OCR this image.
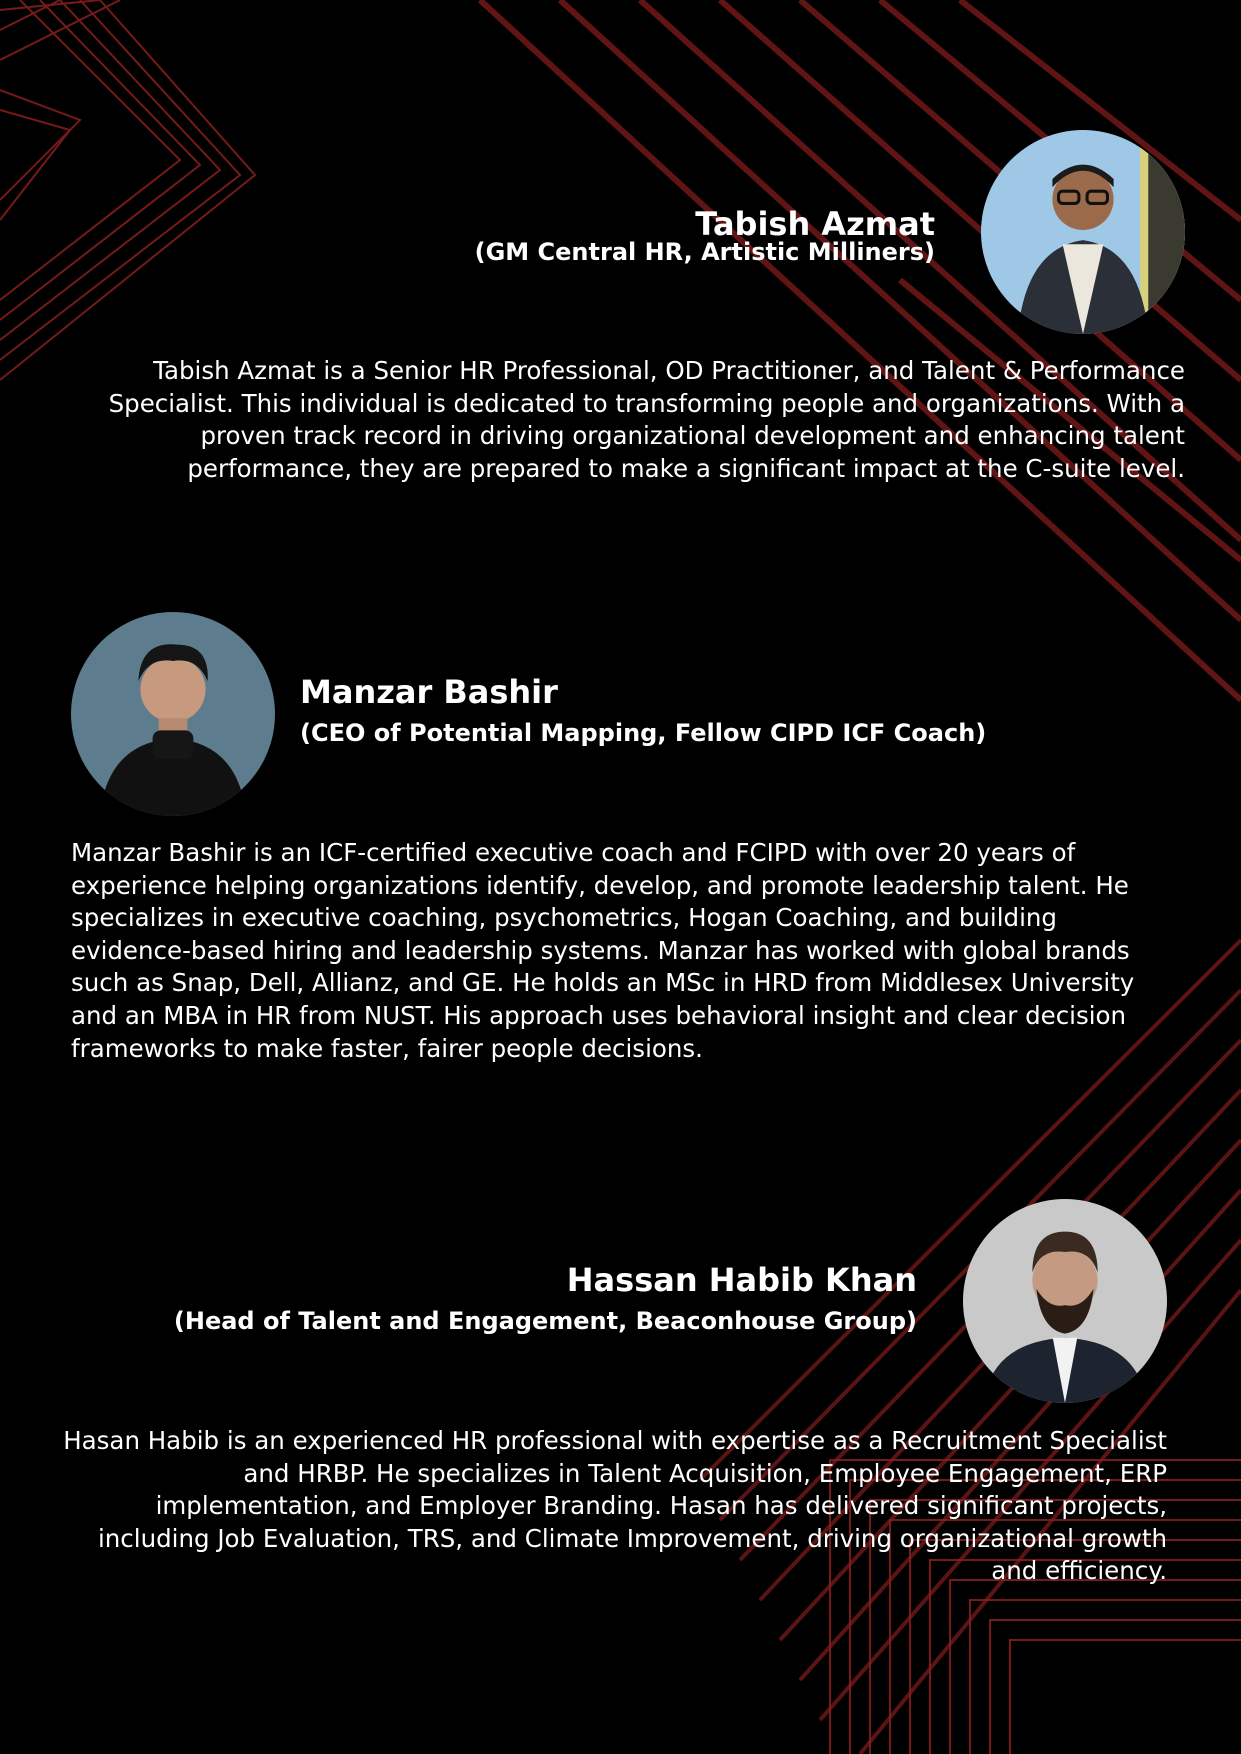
Tabish Azmat
(GM Central HR, Artistic Milliners)
Tabish Azmat is a Senior HR Professional, OD Practitioner, and Talent & Performance Specialist. This individual is dedicated to transforming people and organizations. With a proven track record in driving organizational development and enhancing talent performance, they are prepared to make a significant impact at the C-suite level.
Manzar Bashir
(CEO of Potential Mapping, Fellow CIPD ICF Coach)
Manzar Bashir is an ICF-certified executive coach and FCIPD with over 20 years of experience helping organizations identify, develop, and promote leadership talent. He specializes in executive coaching, psychometrics, Hogan Coaching, and building evidence-based hiring and leadership systems. Manzar has worked with global brands such as Snap, Dell, Allianz, and GE. He holds an MSc in HRD from Middlesex University and an MBA in HR from NUST. His approach uses behavioral insight and clear decision frameworks to make faster, fairer people decisions.
Hassan Habib Khan
(Head of Talent and Engagement, Beaconhouse Group)
Hasan Habib is an experienced HR professional with expertise as a Recruitment Specialist and HRBP. He specializes in Talent Acquisition, Employee Engagement, ERP implementation, and Employer Branding. Hasan has delivered significant projects, including Job Evaluation, TRS, and Climate Improvement, driving organizational growth and efficiency.
